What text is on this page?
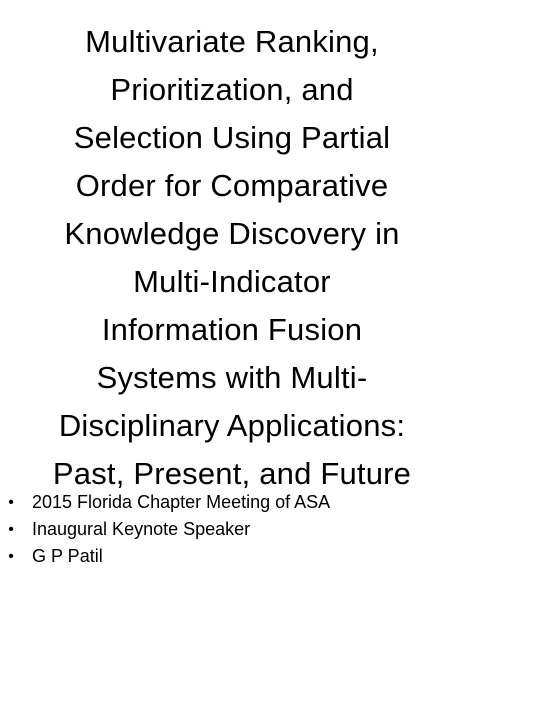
Multivariate Ranking,
Prioritization, and
Selection Using Partial
Order for Comparative
Knowledge Discovery in
Multi-Indicator
Information Fusion
Systems with Multi-
Disciplinary Applications:
Past, Present, and Future
• 2015 Florida Chapter Meeting of ASA
• Inaugural Keynote Speaker
• G P Patil
